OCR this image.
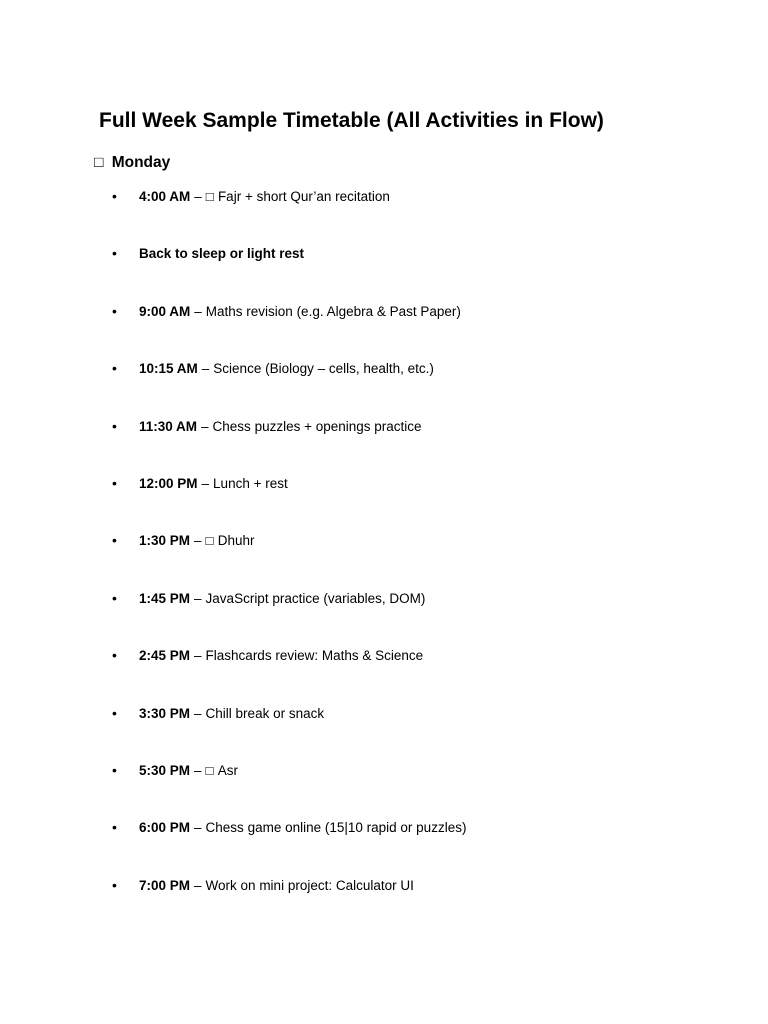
Full Week Sample Timetable (All Activities in Flow)
□ Monday
• 4:00 AM – □ Fajr + short Qur’an recitation
• Back to sleep or light rest
• 9:00 AM – Maths revision (e.g. Algebra & Past Paper)
• 10:15 AM – Science (Biology – cells, health, etc.)
• 11:30 AM – Chess puzzles + openings practice
• 12:00 PM – Lunch + rest
• 1:30 PM – □ Dhuhr
• 1:45 PM – JavaScript practice (variables, DOM)
• 2:45 PM – Flashcards review: Maths & Science
• 3:30 PM – Chill break or snack
• 5:30 PM – □ Asr
• 6:00 PM – Chess game online (15|10 rapid or puzzles)
• 7:00 PM – Work on mini project: Calculator UI
